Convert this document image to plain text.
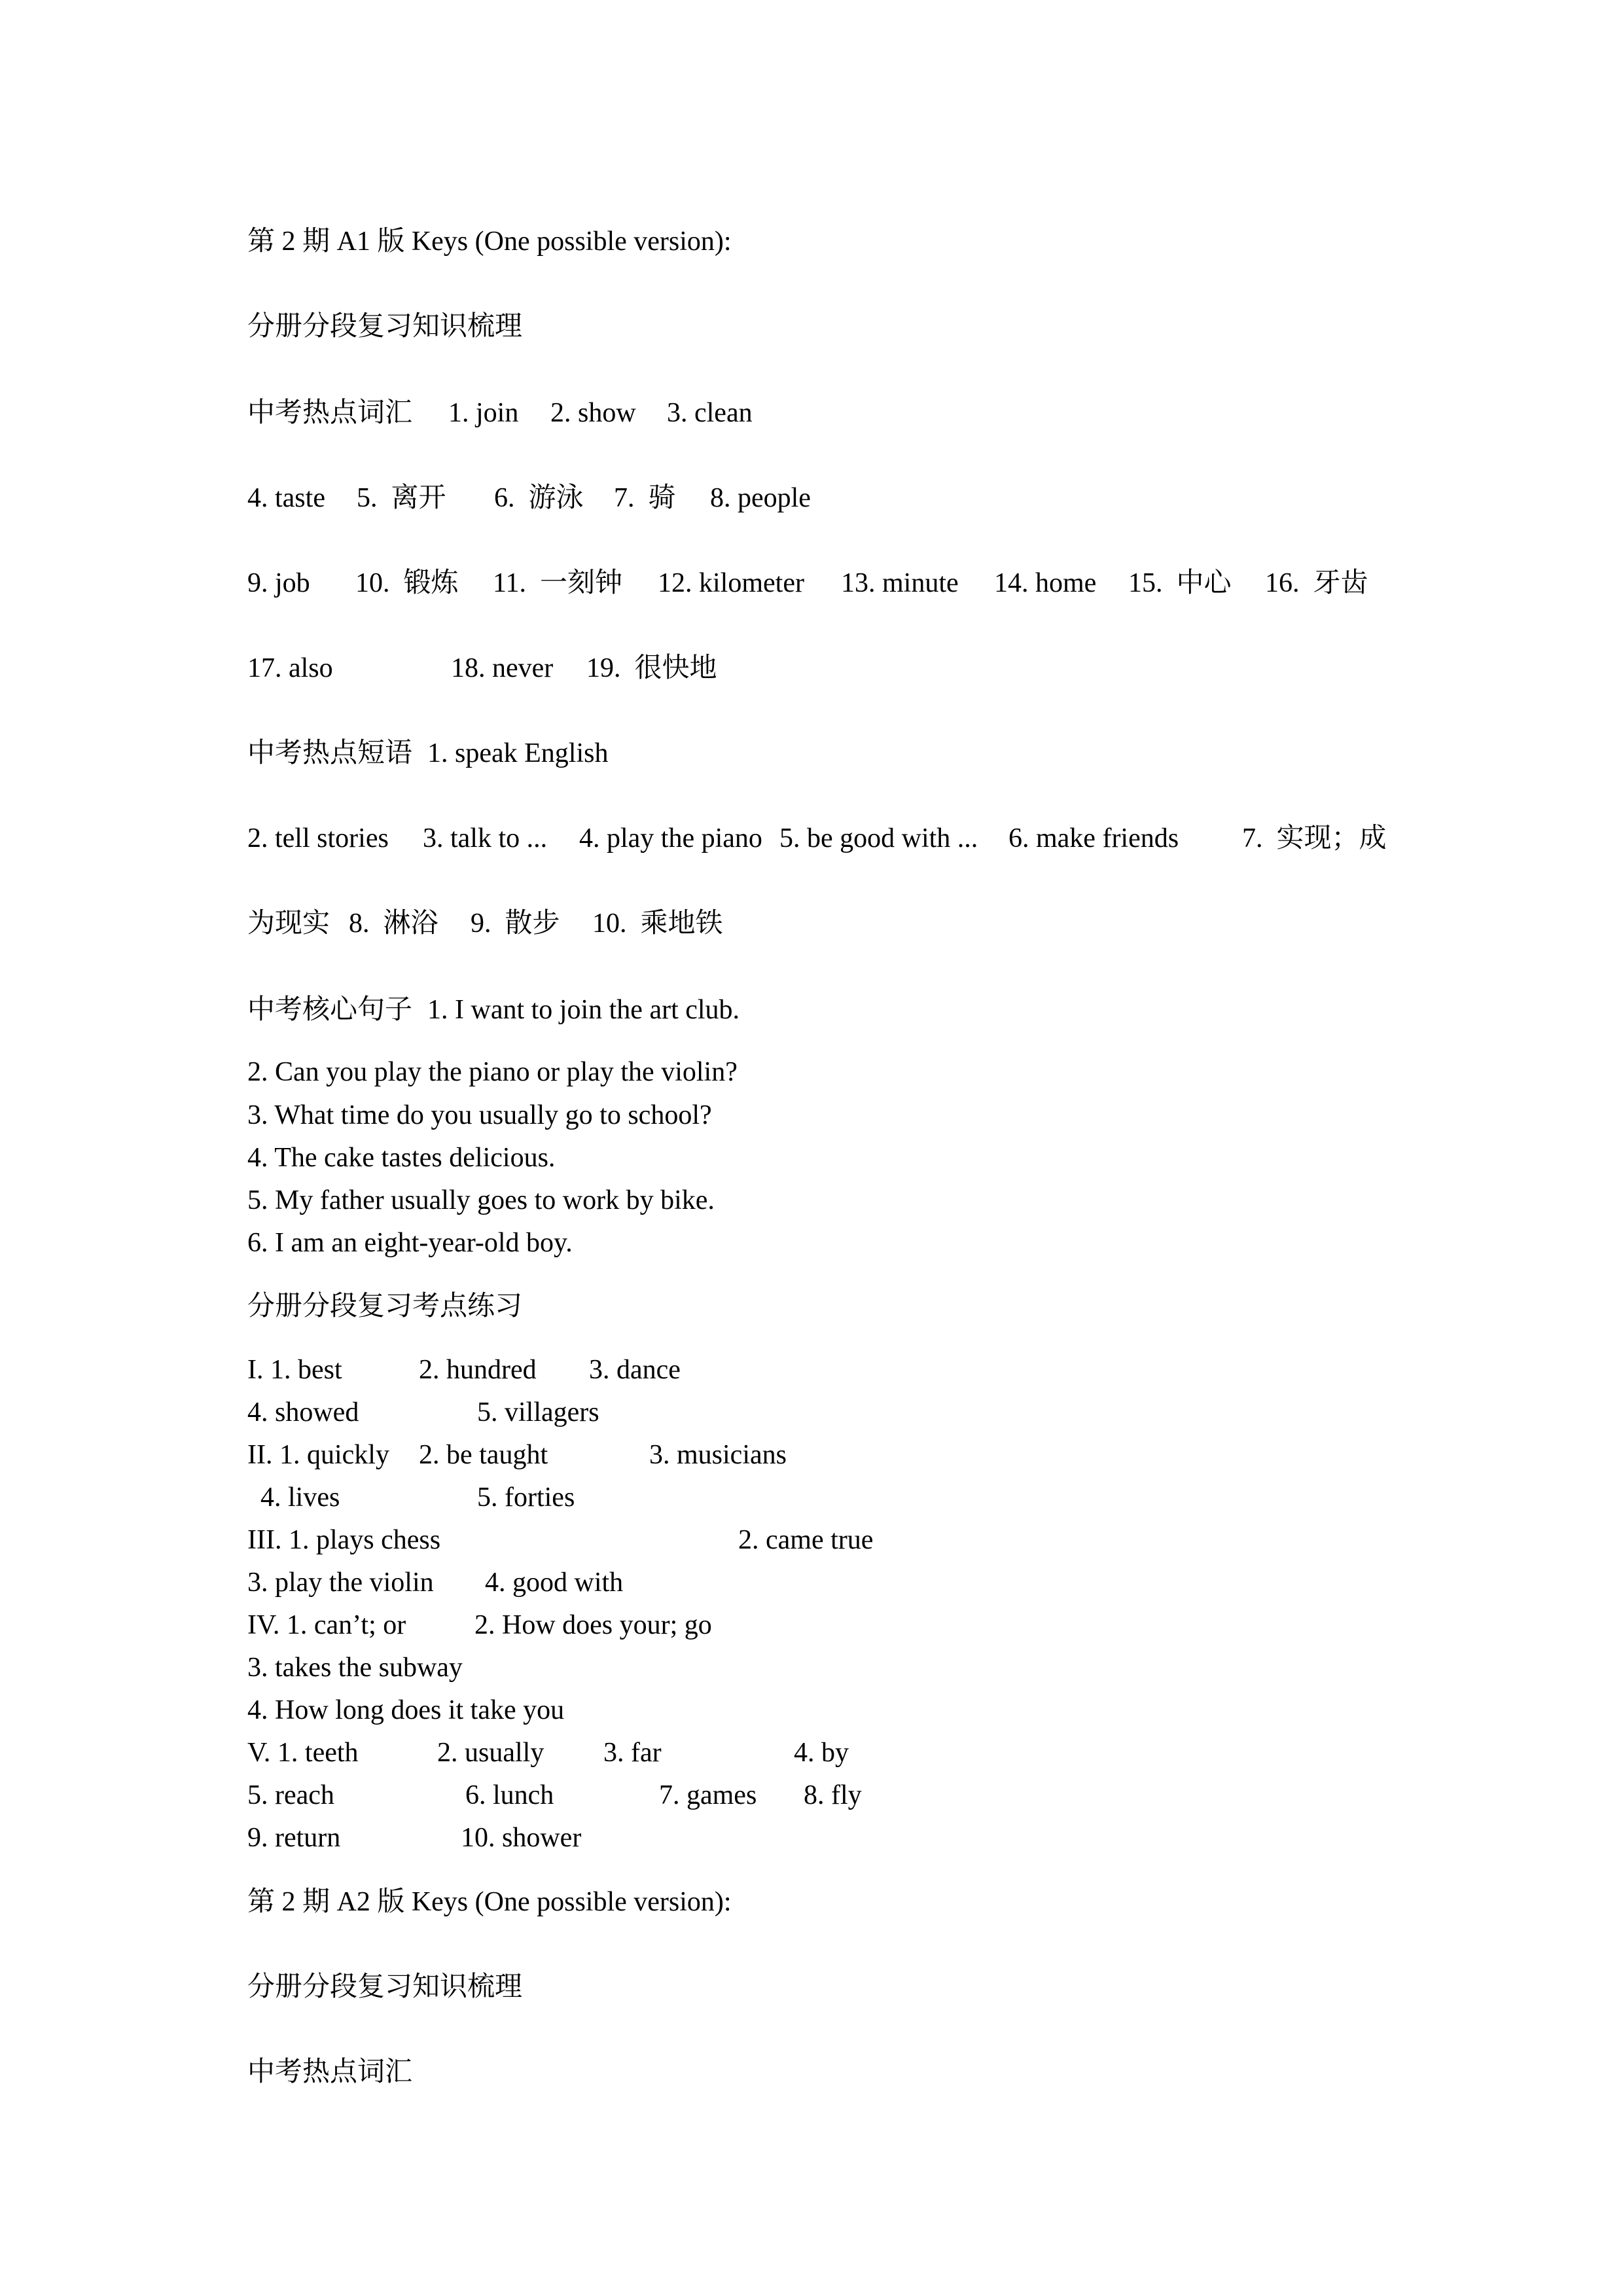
第 2 期 A1 版 Keys (One possible version):
分册分段复习知识梳理
中考热点词汇 1. join 2. show 3. clean
4. taste 5.  离开 6.  游泳 7.  骑 8. people
9. job 10.  锻炼 11.  一刻钟 12. kilometer 13. minute 14. home 15.  中心 16.  牙齿
17. also	18. never 19.  很快地
中考热点短语 1. speak English
2. tell stories 3. talk to ... 4. play the piano 5. be good with ... 6. make friends 7.  实现；成
为现实 8.  淋浴 9.  散步 10.  乘地铁
中考核心句子 1. I want to join the art club.
2. Can you play the piano or play the violin?
3. What time do you usually go to school?
4. The cake tastes delicious.
5. My father usually goes to work by bike.
6. I am an eight-year-old boy.
分册分段复习考点练习
I. 1. best	2. hundred 3. dance
4. showed	5. villagers
II. 1. quickly 2. be taught	3. musicians
4. lives	5. forties
III. 1. plays chess	2. came true
3. play the violin 4. good with
IV. 1. can’t; or 2. How does your; go
3. takes the subway
4. How long does it take you
V. 1. teeth	2. usually 3. far	4. by
5. reach	6. lunch	7. games 8. fly
9. return	10. shower
第 2 期 A2 版 Keys (One possible version):
分册分段复习知识梳理
中考热点词汇
